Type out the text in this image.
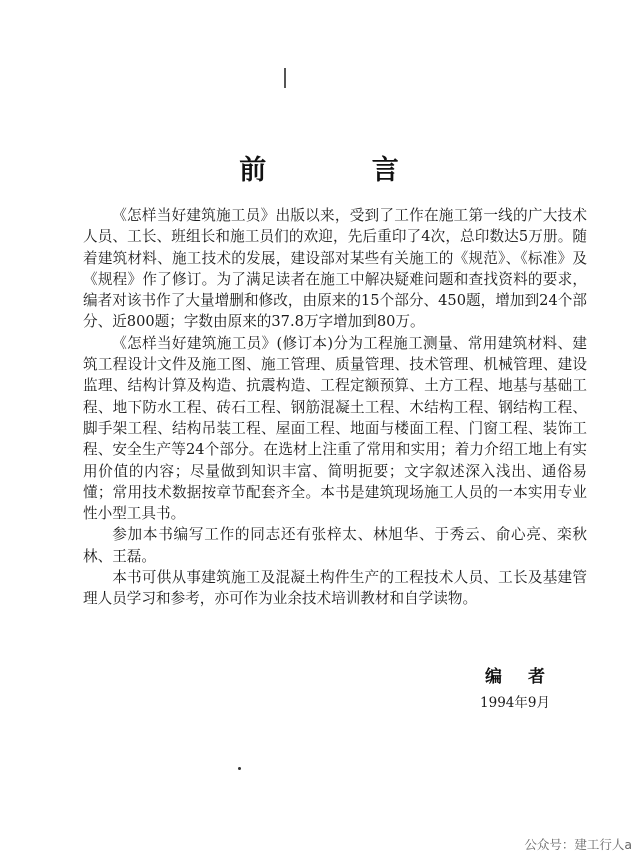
前 言

《怎样当好建筑施工员》出版以来，受到了工作在施工第一线的广大技术人员、工长、班组长和施工员们的欢迎，先后重印了4次，总印数达5万册。随着建筑材料、施工技术的发展，建设部对某些有关施工的《规范》、《标准》及《规程》作了修订。为了满足读者在施工中解决疑难问题和查找资料的要求，编者对该书作了大量增删和修改，由原来的15个部分、450题，增加到24个部分、近800题；字数由原来的37.8万字增加到80万。

《怎样当好建筑施工员》(修订本)分为工程施工测量、常用建筑材料、建筑工程设计文件及施工图、施工管理、质量管理、技术管理、机械管理、建设监理、结构计算及构造、抗震构造、工程定额预算、土方工程、地基与基础工程、地下防水工程、砖石工程、钢筋混凝土工程、木结构工程、钢结构工程、脚手架工程、结构吊装工程、屋面工程、地面与楼面工程、门窗工程、装饰工程、安全生产等24个部分。在选材上注重了常用和实用；着力介绍工地上有实用价值的内容；尽量做到知识丰富、简明扼要；文字叙述深入浅出、通俗易懂；常用技术数据按章节配套齐全。本书是建筑现场施工人员的一本实用专业性小型工具书。

参加本书编写工作的同志还有张梓太、林旭华、于秀云、俞心亮、栾秋林、王磊。

本书可供从事建筑施工及混凝土构件生产的工程技术人员、工长及基建管理人员学习和参考，亦可作为业余技术培训教材和自学读物。

编 者

1994年9月

公众号：建工行人a
